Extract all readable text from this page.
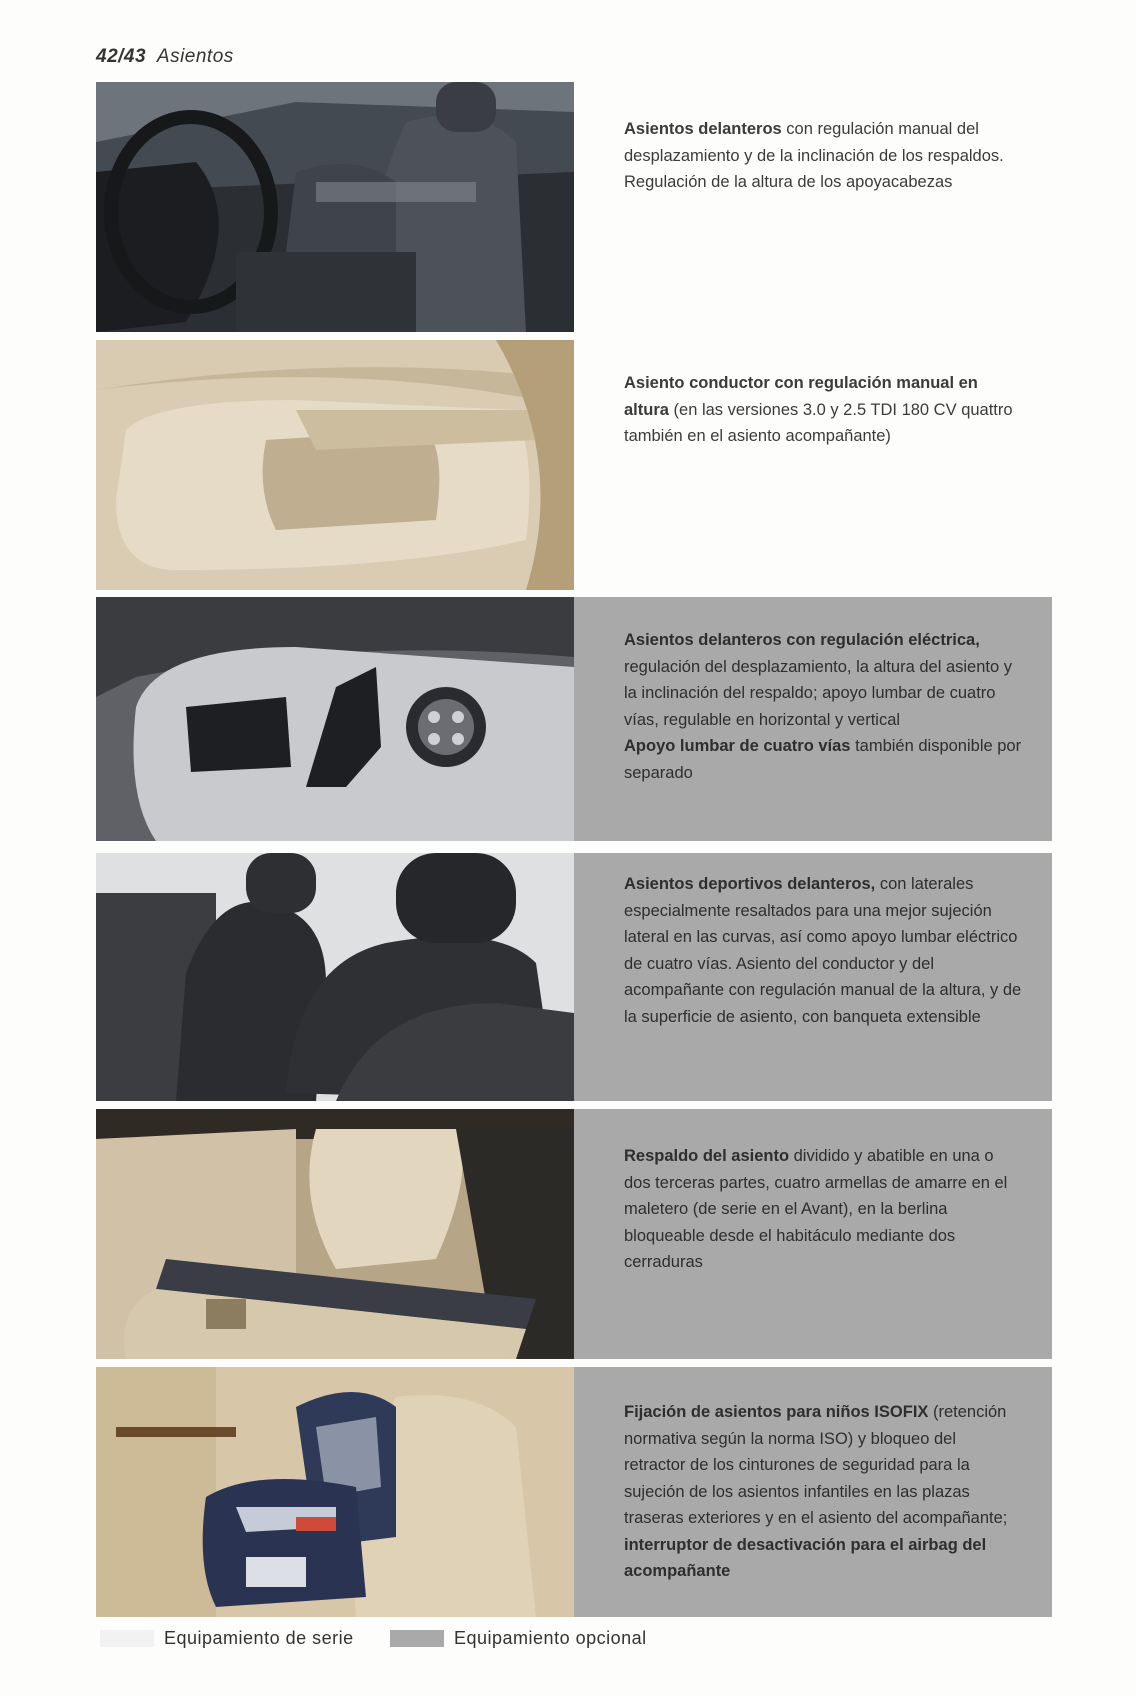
42/43 Asientos
Asientos delanteros con regulación manual del desplazamiento y de la inclinación de los respaldos. Regulación de la altura de los apoyacabezas
Asiento conductor con regulación manual en altura (en las versiones 3.0 y 2.5 TDI 180 CV quattro también en el asiento acompañante)
Asientos delanteros con regulación eléctrica, regulación del desplazamiento, la altura del asiento y la inclinación del respaldo; apoyo lumbar de cuatro vías, regulable en horizontal y vertical
Apoyo lumbar de cuatro vías también disponible por separado
Asientos deportivos delanteros, con laterales especialmente resaltados para una mejor sujeción lateral en las curvas, así como apoyo lumbar eléctrico de cuatro vías. Asiento del conductor y del acompañante con regulación manual de la altura, y de la superficie de asiento, con banqueta extensible
Respaldo del asiento dividido y abatible en una o dos terceras partes, cuatro armellas de amarre en el maletero (de serie en el Avant), en la berlina bloqueable desde el habitáculo mediante dos cerraduras
Fijación de asientos para niños ISOFIX (retención normativa según la norma ISO) y bloqueo del retractor de los cinturones de seguridad para la sujeción de los asientos infantiles en las plazas traseras exteriores y en el asiento del acompañante; interruptor de desactivación para el airbag del acompañante
Equipamiento de serie	Equipamiento opcional
